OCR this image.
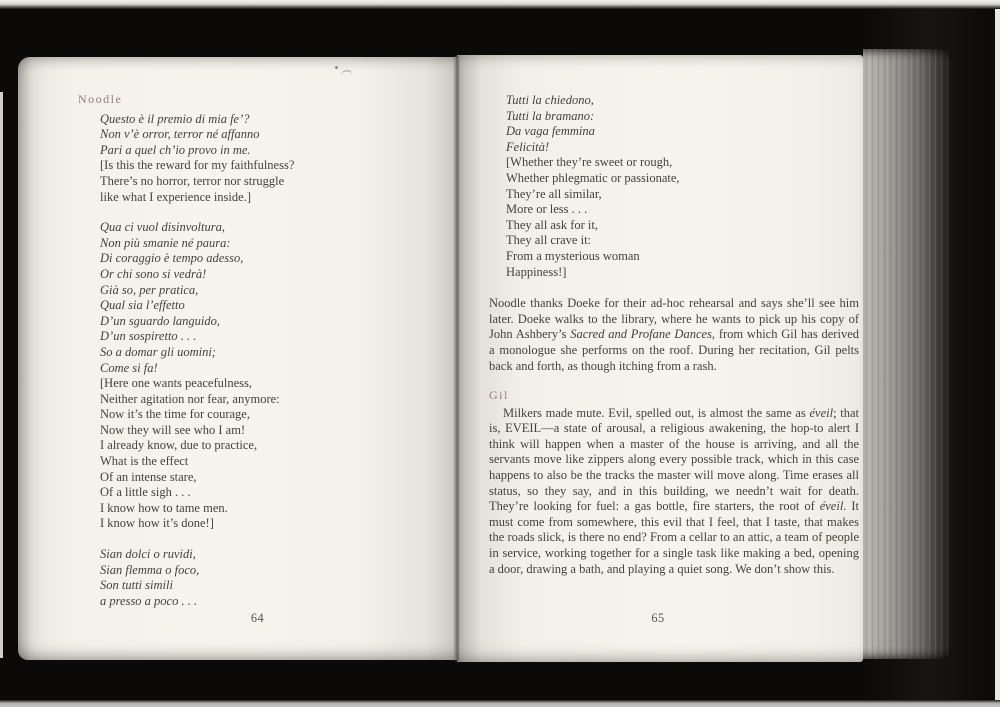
Noodle
Questo è il premio di mia fe’?
Non v’è orror, terror né affanno
Pari a quel ch’io provo in me.
[Is this the reward for my faithfulness?
There’s no horror, terror nor struggle
like what I experience inside.]
Qua ci vuol disinvoltura,
Non più smanie né paura:
Di coraggio è tempo adesso,
Or chi sono si vedrà!
Già so, per pratica,
Qual sia l’effetto
D’un sguardo languido,
D’un sospiretto . . .
So a domar gli uomini;
Come si fa!
[Here one wants peacefulness,
Neither agitation nor fear, anymore:
Now it’s the time for courage,
Now they will see who I am!
I already know, due to practice,
What is the effect
Of an intense stare,
Of a little sigh . . .
I know how to tame men.
I know how it’s done!]
Sian dolci o ruvidi,
Sian flemma o foco,
Son tutti simili
a presso a poco . . .
64
Tutti la chiedono,
Tutti la bramano:
Da vaga femmina
Felicità!
[Whether they’re sweet or rough,
Whether phlegmatic or passionate,
They’re all similar,
More or less . . .
They all ask for it,
They all crave it:
From a mysterious woman
Happiness!]

Noodle thanks Doeke for their ad-hoc rehearsal and says she’ll see him later. Doeke walks to the library, where he wants to pick up his copy of John Ashbery’s Sacred and Profane Dances, from which Gil has derived a monologue she performs on the roof. During her recitation, Gil pelts back and forth, as though itching from a rash.

Gil

Milkers made mute. Evil, spelled out, is almost the same as éveil; that is, EVEIL—a state of arousal, a religious awakening, the hop-to alert I think will happen when a master of the house is arriving, and all the servants move like zippers along every possible track, which in this case happens to also be the tracks the master will move along. Time erases all status, so they say, and in this building, we needn’t wait for death. They’re looking for fuel: a gas bottle, fire starters, the root of éveil. It must come from somewhere, this evil that I feel, that I taste, that makes the roads slick, is there no end? From a cellar to an attic, a team of people in service, working together for a single task like making a bed, opening a door, drawing a bath, and playing a quiet song. We don’t show this.

65
